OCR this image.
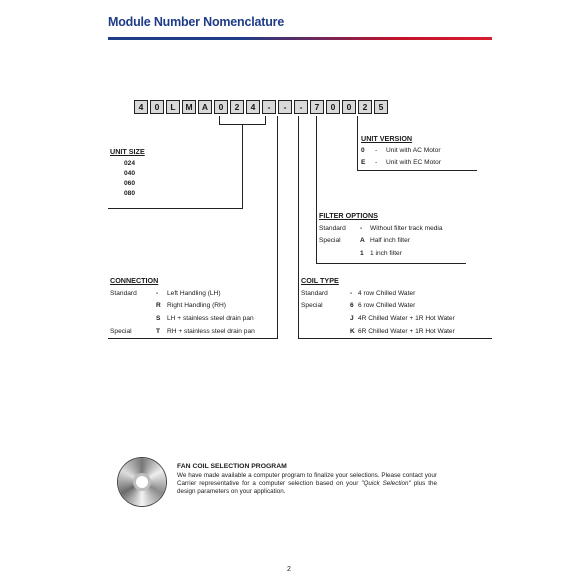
Module Number Nomenclature
4	0	L	M	A	0	2	4	-	-	-	7	0	0	2	5
UNIT VERSION
0 - Unit with AC Motor
E - Unit with EC Motor
UNIT SIZE
024
040
060
080
FILTER OPTIONS
Standard - Without filter track media
Special	A Half inch filter
1 1 inch filter
CONNECTION
Standard	- Left Handling (LH)
R Right Handling (RH)
S LH + stainless steel drain pan
Special	T RH + stainless steel drain pan
COIL TYPE
Standard	- 4 row Chilled Water
Special	6 6 row Chilled Water
J 4R Chilled Water + 1R Hot Water
K 6R Chilled Water + 1R Hot Water
FAN COIL SELECTION PROGRAM
We have made available a computer program to finalize your selections. Please contact your Carrier representative for a computer selection based on your "Quick Selection" plus the design parameters on your application.
2
